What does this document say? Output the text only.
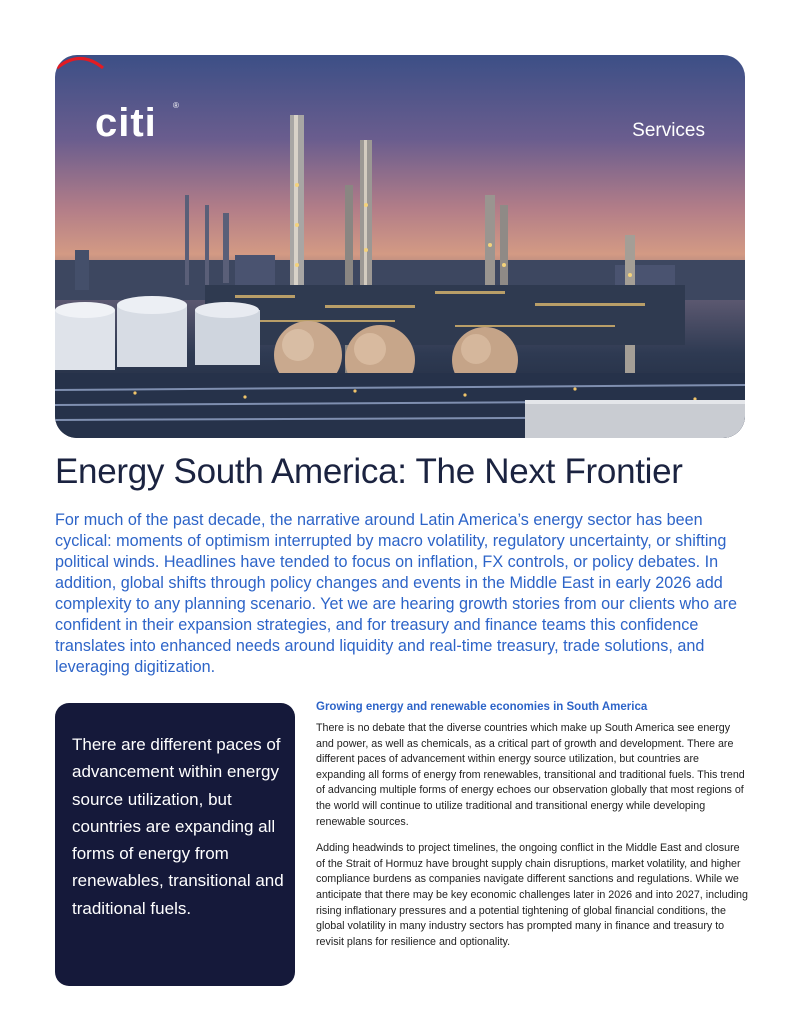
citi ®
Services
Energy South America: The Next Frontier

For much of the past decade, the narrative around Latin America’s energy sector has been cyclical: moments of optimism interrupted by macro volatility, regulatory uncertainty, or shifting political winds. Headlines have tended to focus on inflation, FX controls, or policy debates. In addition, global shifts through policy changes and events in the Middle East in early 2026 add complexity to any planning scenario. Yet we are hearing growth stories from our clients who are confident in their expansion strategies, and for treasury and finance teams this confidence translates into enhanced needs around liquidity and real-time treasury, trade solutions, and leveraging digitization.

There are different paces of advancement within energy source utilization, but countries are expanding all forms of energy from renewables, transitional and traditional fuels.

Growing energy and renewable economies in South America

There is no debate that the diverse countries which make up South America see energy and power, as well as chemicals, as a critical part of growth and development. There are different paces of advancement within energy source utilization, but countries are expanding all forms of energy from renewables, transitional and traditional fuels. This trend of advancing multiple forms of energy echoes our observation globally that most regions of the world will continue to utilize traditional and transitional energy while developing renewable sources.

Adding headwinds to project timelines, the ongoing conflict in the Middle East and closure of the Strait of Hormuz have brought supply chain disruptions, market volatility, and higher compliance burdens as companies navigate different sanctions and regulations. While we anticipate that there may be key economic challenges later in 2026 and into 2027, including rising inflationary pressures and a potential tightening of global financial conditions, the global volatility in many industry sectors has prompted many in finance and treasury to revisit plans for resilience and optionality.
